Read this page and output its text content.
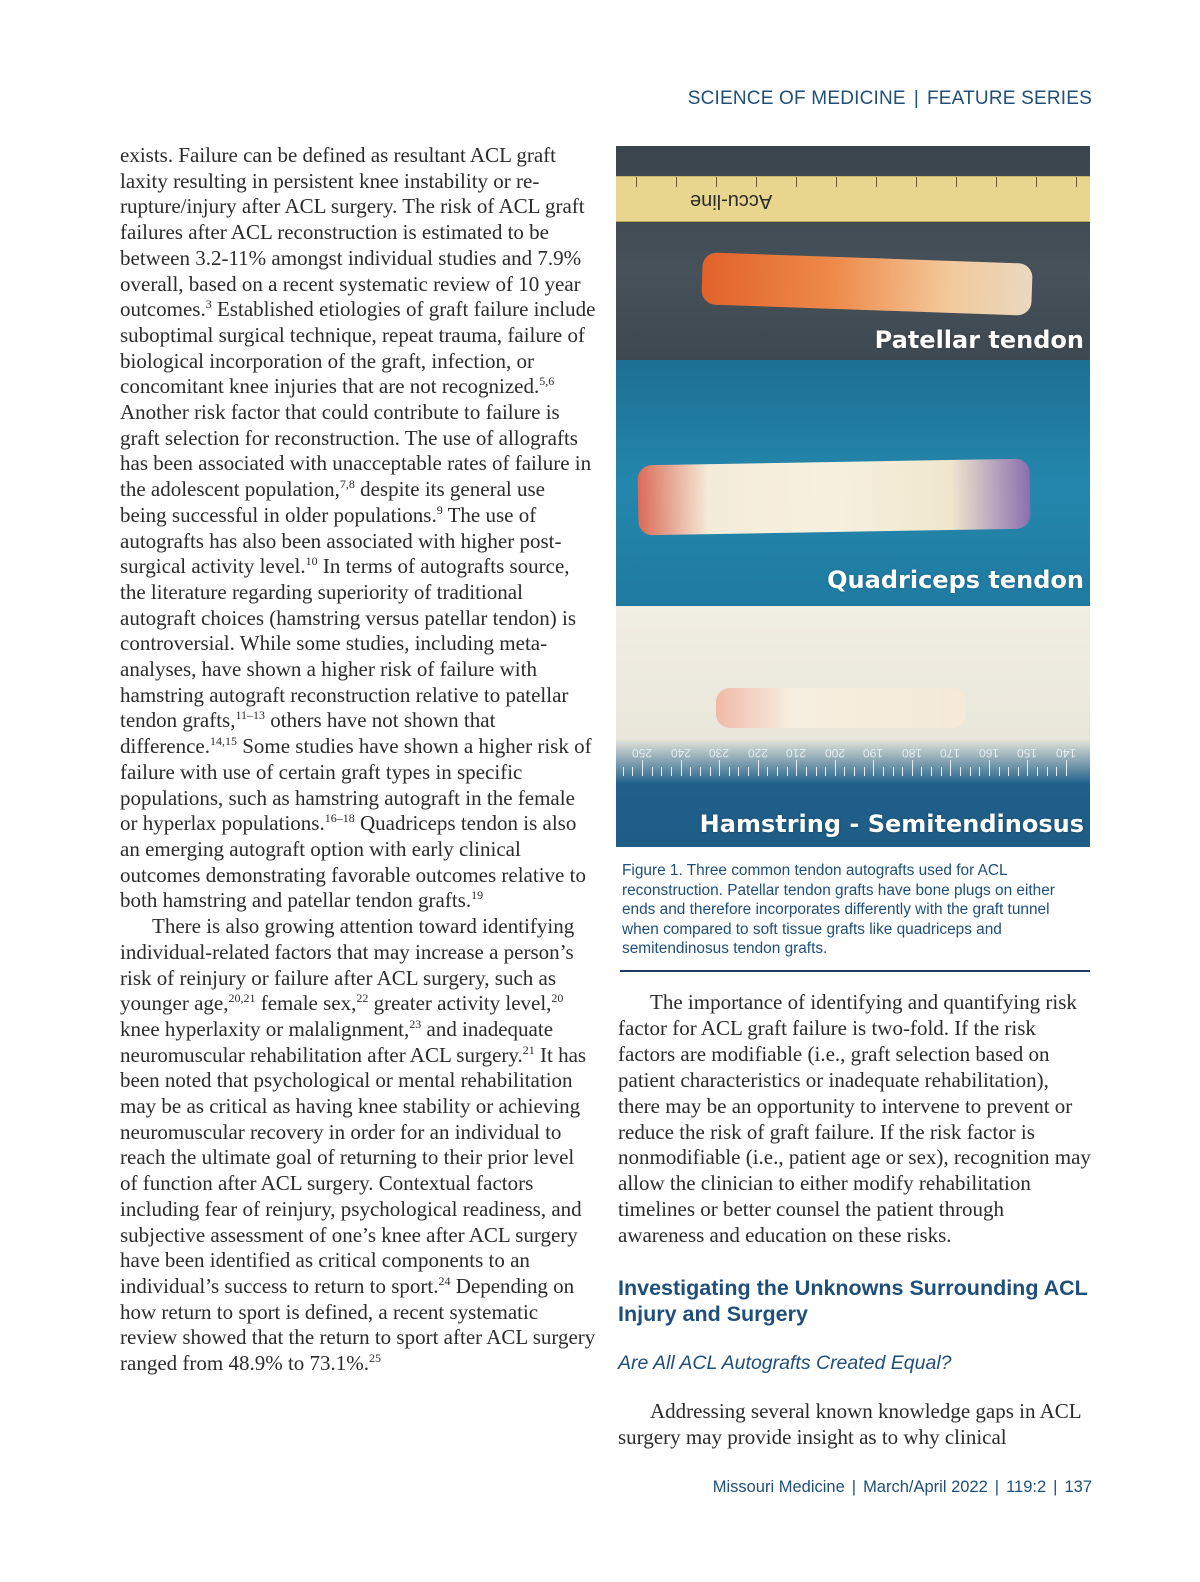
SCIENCE OF MEDICINE | FEATURE SERIES

exists. Failure can be defined as resultant ACL graft laxity resulting in persistent knee instability or re-rupture/injury after ACL surgery. The risk of ACL graft failures after ACL reconstruction is estimated to be between 3.2-11% amongst individual studies and 7.9% overall, based on a recent systematic review of 10 year outcomes.$^3$ Established etiologies of graft failure include suboptimal surgical technique, repeat trauma, failure of biological incorporation of the graft, infection, or concomitant knee injuries that are not recognized.$^{5,6}$ Another risk factor that could contribute to failure is graft selection for reconstruction. The use of allografts has been associated with unacceptable rates of failure in the adolescent population,$^{7,8}$ despite its general use being successful in older populations.$^9$ The use of autografts has also been associated with higher post-surgical activity level.$^{10}$ In terms of autografts source, the literature regarding superiority of traditional autograft choices (hamstring versus patellar tendon) is controversial. While some studies, including meta-analyses, have shown a higher risk of failure with hamstring autograft reconstruction relative to patellar tendon grafts,$^{11-13}$ others have not shown that difference.$^{14,15}$ Some studies have shown a higher risk of failure with use of certain graft types in specific populations, such as hamstring autograft in the female or hyperlax populations.$^{16-18}$ Quadriceps tendon is also an emerging autograft option with early clinical outcomes demonstrating favorable outcomes relative to both hamstring and patellar tendon grafts.$^{19}$

There is also growing attention toward identifying individual-related factors that may increase a person’s risk of reinjury or failure after ACL surgery, such as younger age,$^{20,21}$ female sex,$^{22}$ greater activity level,$^{20}$ knee hyperlaxity or malalignment,$^{23}$ and inadequate neuromuscular rehabilitation after ACL surgery.$^{21}$ It has been noted that psychological or mental rehabilitation may be as critical as having knee stability or achieving neuromuscular recovery in order for an individual to reach the ultimate goal of returning to their prior level of function after ACL surgery. Contextual factors including fear of reinjury, psychological readiness, and subjective assessment of one’s knee after ACL surgery have been identified as critical components to an individual’s success to return to sport.$^{24}$ Depending on how return to sport is defined, a recent systematic review showed that the return to sport after ACL surgery ranged from 48.9% to 73.1%.$^{25}$

Accu-line
Patellar tendon
Quadriceps tendon
140
150
160
170
180
190
200
210
220
230
240
250
Hamstring - Semitendinosus
Figure 1. Three common tendon autografts used for ACL reconstruction. Patellar tendon grafts have bone plugs on either ends and therefore incorporates differently with the graft tunnel when compared to soft tissue grafts like quadriceps and semitendinosus tendon grafts.

The importance of identifying and quantifying risk factor for ACL graft failure is two-fold. If the risk factors are modifiable (i.e., graft selection based on patient characteristics or inadequate rehabilitation), there may be an opportunity to intervene to prevent or reduce the risk of graft failure. If the risk factor is nonmodifiable (i.e., patient age or sex), recognition may allow the clinician to either modify rehabilitation timelines or better counsel the patient through awareness and education on these risks.

Investigating the Unknowns Surrounding ACL Injury and Surgery
Are All ACL Autografts Created Equal?

Addressing several known knowledge gaps in ACL surgery may provide insight as to why clinical

Missouri Medicine | March/April 2022 | 119:2 | 137
